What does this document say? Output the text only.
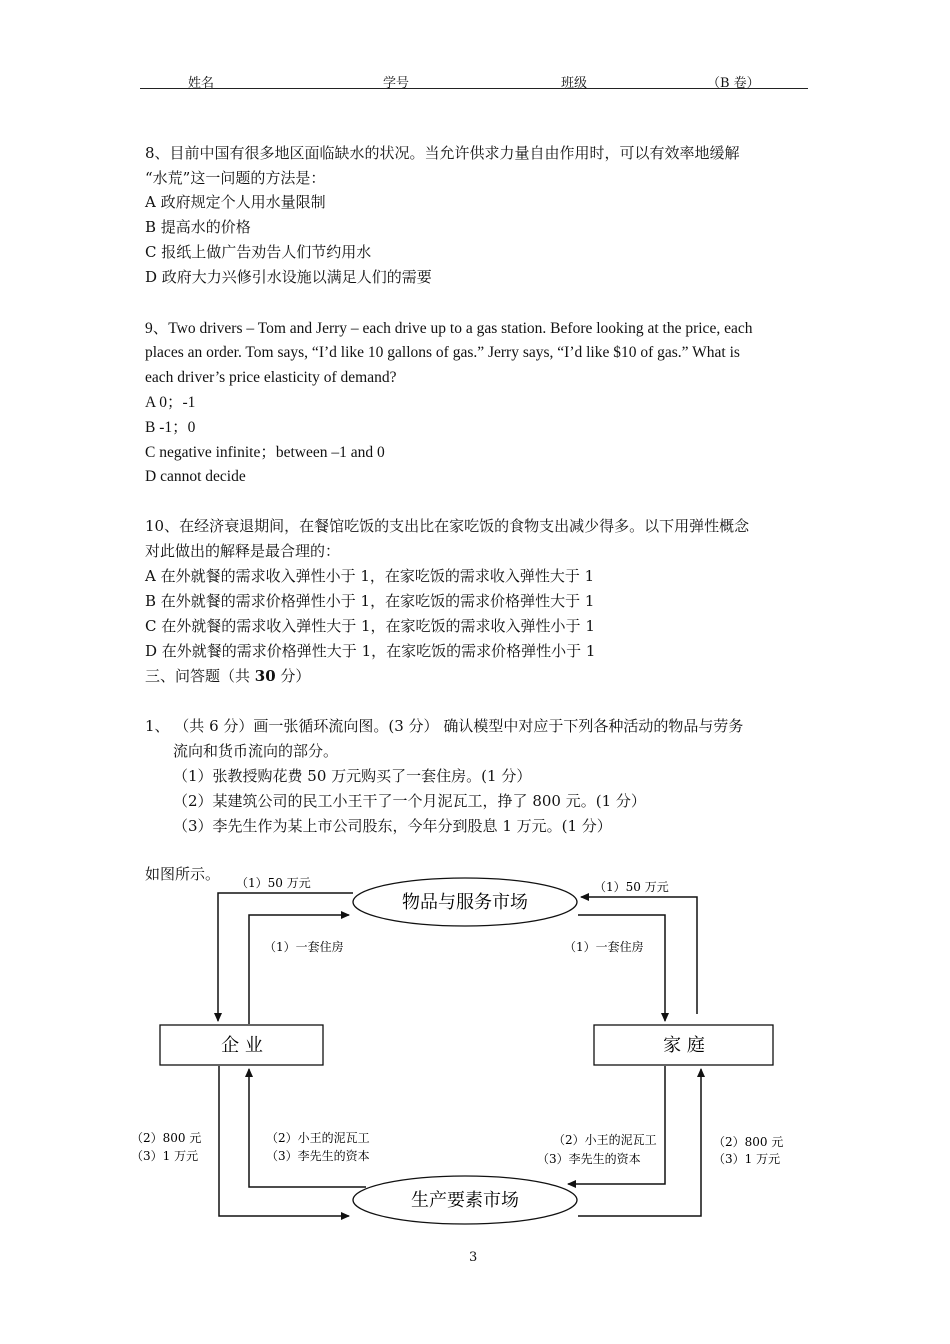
姓名	学号	班级	（B 卷）
8、目前中国有很多地区面临缺水的状况。当允许供求力量自由作用时，可以有效率地缓解
“水荒”这一问题的方法是：
A 政府规定个人用水量限制
B 提高水的价格
C 报纸上做广告劝告人们节约用水
D 政府大力兴修引水设施以满足人们的需要
9、Two drivers – Tom and Jerry – each drive up to a gas station. Before looking at the price, each
places an order. Tom says, “I’d like 10 gallons of gas.” Jerry says, “I’d like $10 of gas.” What is
each driver’s price elasticity of demand?
A 0；-1
B -1；0
C negative infinite；between –1 and 0
D cannot decide
10、在经济衰退期间，在餐馆吃饭的支出比在家吃饭的食物支出减少得多。以下用弹性概念
对此做出的解释是最合理的：
A 在外就餐的需求收入弹性小于 1，在家吃饭的需求收入弹性大于 1
B 在外就餐的需求价格弹性小于 1，在家吃饭的需求价格弹性大于 1
C 在外就餐的需求收入弹性大于 1，在家吃饭的需求收入弹性小于 1
D 在外就餐的需求价格弹性大于 1，在家吃饭的需求价格弹性小于 1
三、问答题（共 30 分）
1、 （共 6 分）画一张循环流向图。(3 分） 确认模型中对应于下列各种活动的物品与劳务
流向和货币流向的部分。
（1）张教授购花费 50 万元购买了一套住房。(1 分）
（2）某建筑公司的民工小王干了一个月泥瓦工，挣了 800 元。(1 分）
（3）李先生作为某上市公司股东，今年分到股息 1 万元。(1 分）
如图所示。
物品与服务市场
生产要素市场
企 业	家 庭
（1）50 万元	（1）50 万元
（1）一套住房	（1）一套住房
（2）800 元
（3）1 万元
（2）小王的泥瓦工
（3）李先生的资本
（2）小王的泥瓦工
（3）李先生的资本
（2）800 元
（3）1 万元
3
